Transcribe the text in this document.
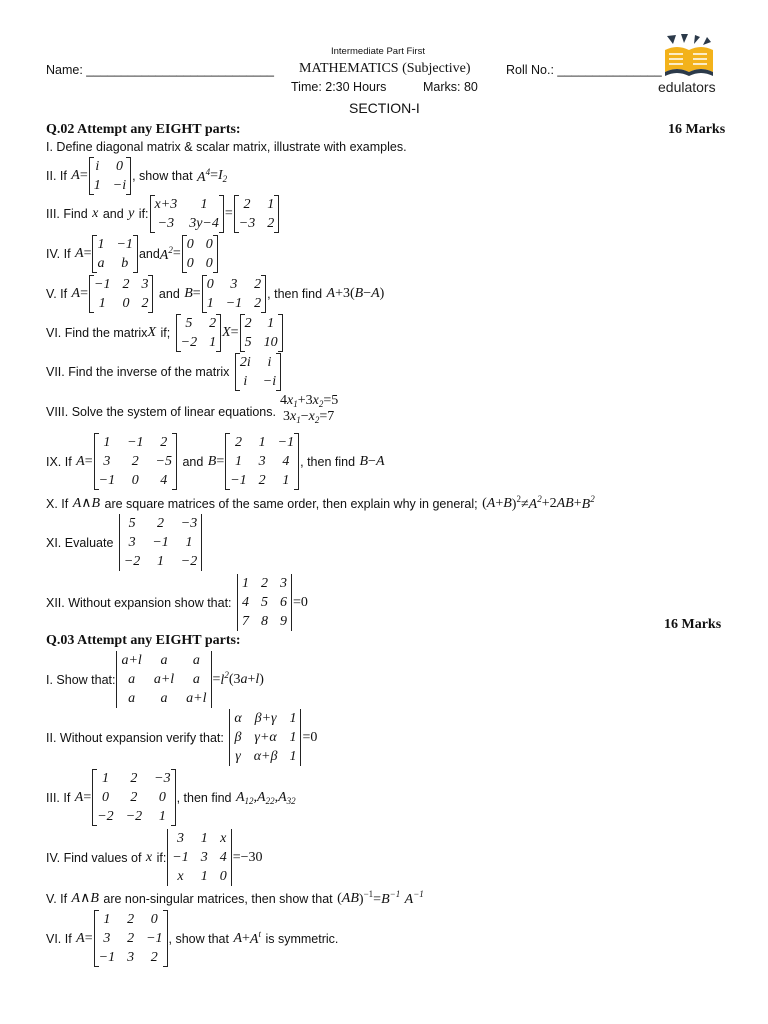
Intermediate Part First
Name: ___________________________ MATHEMATICS (Subjective)	Roll No.: _______________
Time: 2:30 Hours	Marks: 80	edulators
SECTION-I
Q.02 Attempt any EIGHT parts:	16 Marks
I. Define diagonal matrix & scalar matrix, illustrate with examples.
II. If
A =
i 0
1 −i
, show that
$A^4 = I_2$
III. Find
x
and
y
if:
x+3	1
−3 3y−4
=
2	1
−3 2
IV. If
A =
1 −1
a	b
and $A^2$ =
0 0
0 0
V. If
A =
−1 2 3
1	0 2

and
B =
0	3	2
1 −1 2
, then find
A +3( B − A )
VI. Find the matrix X
if;

5	2
−2 1
X =
2 1
5 10
VII. Find the inverse of the matrix

2i	i
i −i
VIII. Solve the system of linear equations.
$4x_1+3x_2=5$
$3x_1-x_2=7$
IX. If
A =
1	−1	2
3	2	−5
−1	0	4

and
B =
2	1 −1
1	3	4
−1 2	1
, then find
B − A
X. If
A ∧ B
are square matrices of the same order, then explain why in general;
( A + B )$^2\ne A^2 +2$ AB + $B^2$
XI. Evaluate

5	2	−3
3	−1	1
−2	1	−2
XII. Without expansion show that:

1 2 3
4 5 6
7 8 9
=0
16 Marks
Q.03 Attempt any EIGHT parts:
I. Show that:
a+l	a	a
a	a+l	a
a	a	a+l
= $l^2$ (3 a + l )
II. Without expansion verify that:

α β+γ 1
β γ+α 1
γ α+β 1
=0
III. If
A =
1	2	−3
0	2	0
−2 −2	1
, then find
$A_{12}$ , $A_{22}$ , $A_{32}$
IV. Find values of
x
if:
3	1 x
−1 3 4
x	1 0
=−30
V. If
A ∧ B
are non-singular matrices, then show that
( AB )$^{-1}= B^{-1}$
$A^{-1}$
VI. If
A =
1	2	0
3	2 −1
−1 3	2
, show that
$A + A^t$
is symmetric.
